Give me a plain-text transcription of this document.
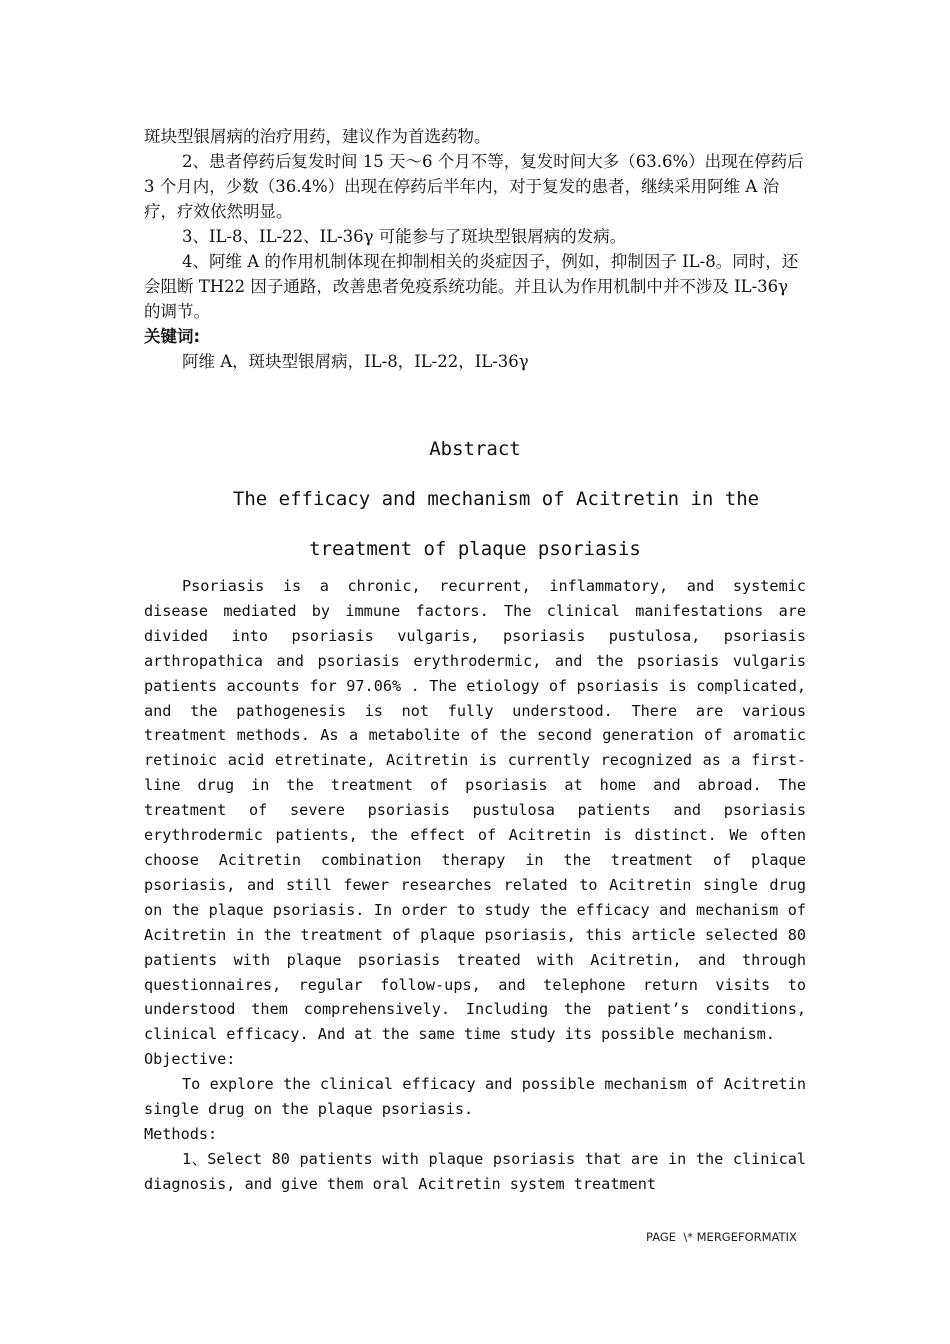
斑块型银屑病的治疗用药，建议作为首选药物。

2、患者停药后复发时间 15 天～6 个月不等，复发时间大多（63.6%）出现在停药后 3 个月内，少数（36.4%）出现在停药后半年内，对于复发的患者，继续采用阿维 A 治疗，疗效依然明显。

3、IL-8、IL-22、IL-36γ 可能参与了斑块型银屑病的发病。

4、阿维 A 的作用机制体现在抑制相关的炎症因子，例如，抑制因子 IL-8。同时，还会阻断 TH22 因子通路，改善患者免疫系统功能。并且认为作用机制中并不涉及 IL-36γ 的调节。

关键词:

阿维 A，斑块型银屑病，IL-8，IL-22，IL-36γ

Abstract

The efficacy and mechanism of Acitretin in the

treatment of plaque psoriasis

Psoriasis is a chronic, recurrent, inflammatory, and systemic disease mediated by immune factors. The clinical manifestations are divided into psoriasis vulgaris, psoriasis pustulosa, psoriasis arthropathica and psoriasis erythrodermic, and the psoriasis vulgaris patients accounts for 97.06% . The etiology of psoriasis is complicated, and the pathogenesis is not fully understood. There are various treatment methods. As a metabolite of the second generation of aromatic retinoic acid etretinate, Acitretin is currently recognized as a first-line drug in the treatment of psoriasis at home and abroad. The treatment of severe psoriasis pustulosa patients and psoriasis erythrodermic patients, the effect of Acitretin is distinct. We often choose Acitretin combination therapy in the treatment of plaque psoriasis, and still fewer researches related to Acitretin single drug on the plaque psoriasis. In order to study the efficacy and mechanism of Acitretin in the treatment of plaque psoriasis, this article selected 80 patients with plaque psoriasis treated with Acitretin, and through questionnaires, regular follow-ups, and telephone return visits to understood them comprehensively. Including the patient’s conditions, clinical efficacy. And at the same time study its possible mechanism.

Objective:

To explore the clinical efficacy and possible mechanism of Acitretin single drug on the plaque psoriasis.

Methods:

1、Select 80 patients with plaque psoriasis that are in the clinical diagnosis, and give them oral Acitretin system treatment

PAGE  \* MERGEFORMATIX
